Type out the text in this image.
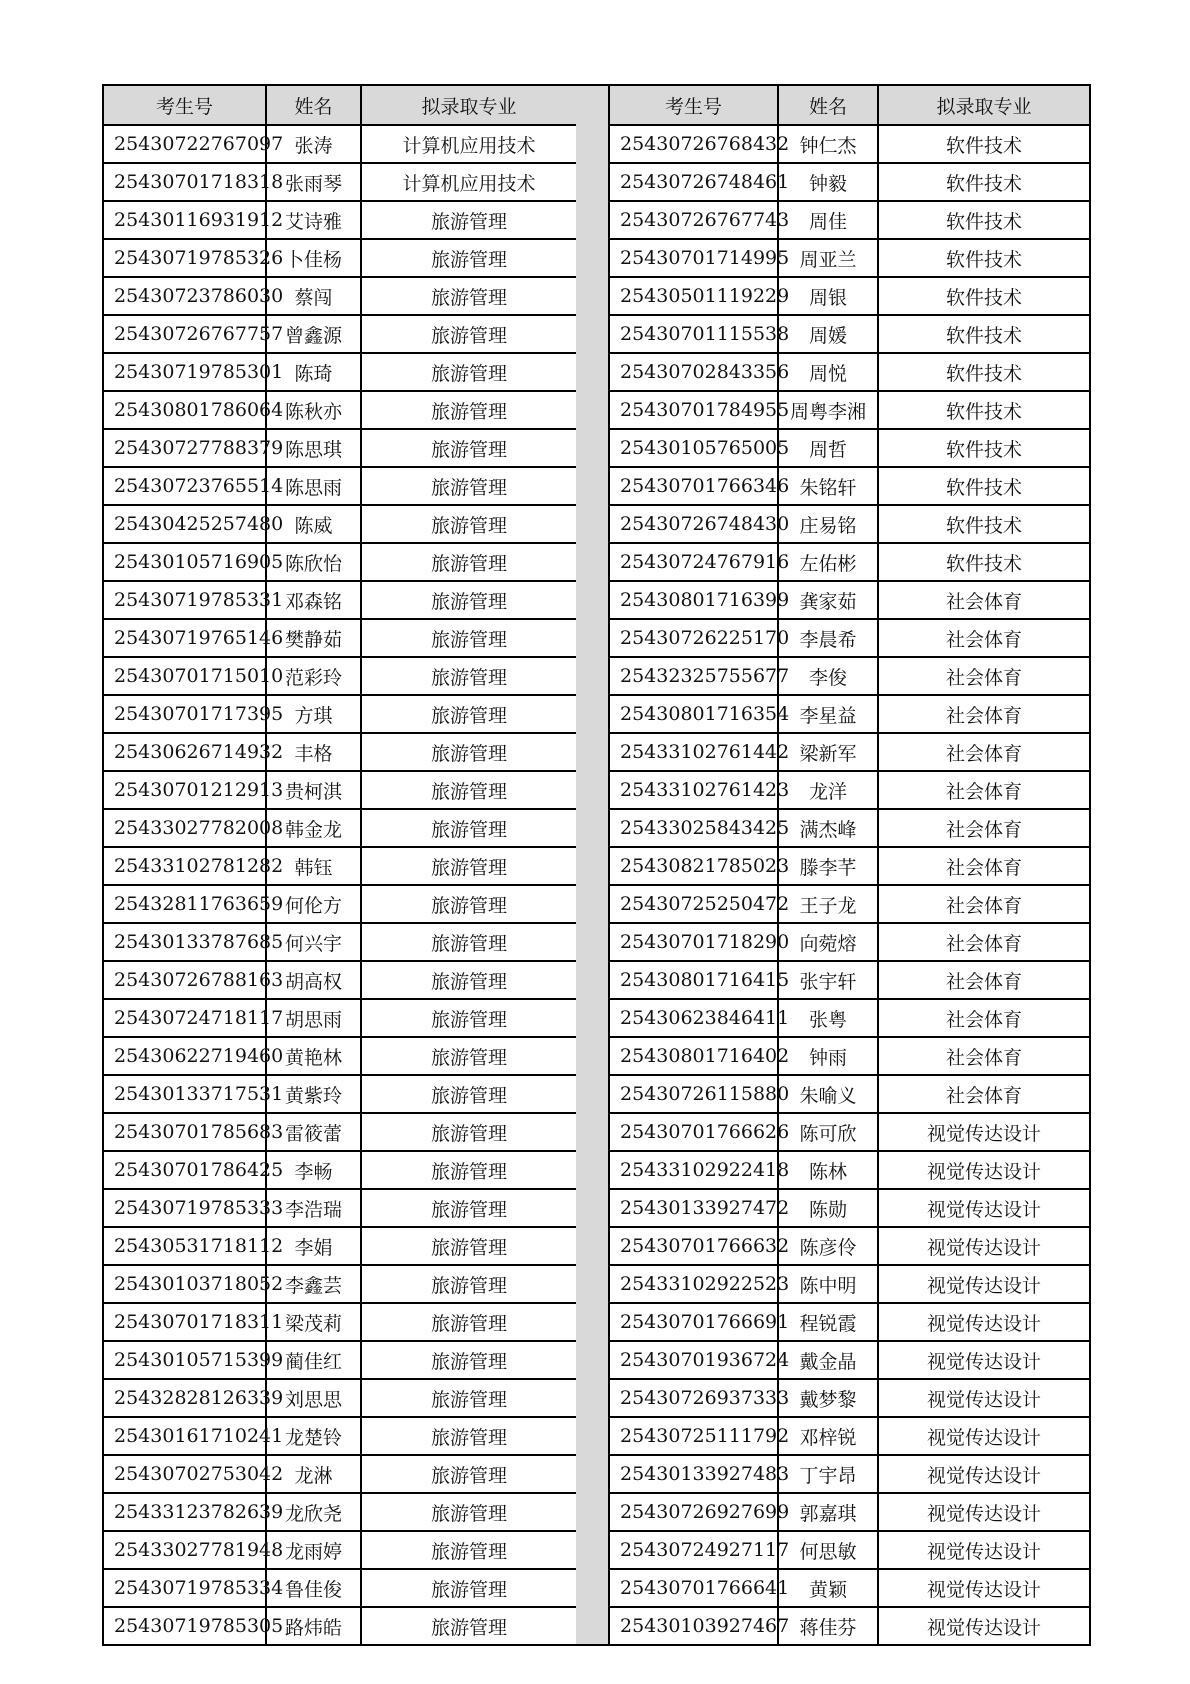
考生号	姓名	拟录取专业
25430722767097	张涛	计算机应用技术
25430701718318	张雨琴	计算机应用技术
25430116931912	艾诗雅	旅游管理
25430719785326	卜佳杨	旅游管理
25430723786030	蔡闯	旅游管理
25430726767757	曾鑫源	旅游管理
25430719785301	陈琦	旅游管理
25430801786064	陈秋亦	旅游管理
25430727788379	陈思琪	旅游管理
25430723765514	陈思雨	旅游管理
25430425257480	陈威	旅游管理
25430105716905	陈欣怡	旅游管理
25430719785331	邓森铭	旅游管理
25430719765146	樊静茹	旅游管理
25430701715010	范彩玲	旅游管理
25430701717395	方琪	旅游管理
25430626714932	丰格	旅游管理
25430701212913	贵柯淇	旅游管理
25433027782008	韩金龙	旅游管理
25433102781282	韩钰	旅游管理
25432811763659	何伦方	旅游管理
25430133787685	何兴宇	旅游管理
25430726788163	胡高权	旅游管理
25430724718117	胡思雨	旅游管理
25430622719460	黄艳林	旅游管理
25430133717531	黄紫玲	旅游管理
25430701785683	雷筱蕾	旅游管理
25430701786425	李畅	旅游管理
25430719785333	李浩瑞	旅游管理
25430531718112	李娟	旅游管理
25430103718052	李鑫芸	旅游管理
25430701718311	梁茂莉	旅游管理
25430105715399	蔺佳红	旅游管理
25432828126339	刘思思	旅游管理
25430161710241	龙楚铃	旅游管理
25430702753042	龙淋	旅游管理
25433123782639	龙欣尧	旅游管理
25433027781948	龙雨婷	旅游管理
25430719785334	鲁佳俊	旅游管理
25430719785305	路炜皓	旅游管理
考生号	姓名	拟录取专业
25430726768432	钟仁杰	软件技术
25430726748461	钟毅	软件技术
25430726767743	周佳	软件技术
25430701714995	周亚兰	软件技术
25430501119229	周银	软件技术
25430701115538	周媛	软件技术
25430702843356	周悦	软件技术
25430701784955	周粤李湘	软件技术
25430105765005	周哲	软件技术
25430701766346	朱铭轩	软件技术
25430726748430	庄易铭	软件技术
25430724767916	左佑彬	软件技术
25430801716399	龚家茹	社会体育
25430726225170	李晨希	社会体育
25432325755677	李俊	社会体育
25430801716354	李星益	社会体育
25433102761442	梁新军	社会体育
25433102761423	龙洋	社会体育
25433025843425	满杰峰	社会体育
25430821785023	滕李芊	社会体育
25430725250472	王子龙	社会体育
25430701718290	向菀熔	社会体育
25430801716415	张宇轩	社会体育
25430623846411	张粤	社会体育
25430801716402	钟雨	社会体育
25430726115880	朱喻义	社会体育
25430701766626	陈可欣	视觉传达设计
25433102922418	陈林	视觉传达设计
25430133927472	陈勋	视觉传达设计
25430701766632	陈彦伶	视觉传达设计
25433102922523	陈中明	视觉传达设计
25430701766691	程锐霞	视觉传达设计
25430701936724	戴金晶	视觉传达设计
25430726937333	戴梦黎	视觉传达设计
25430725111792	邓梓锐	视觉传达设计
25430133927483	丁宇昂	视觉传达设计
25430726927699	郭嘉琪	视觉传达设计
25430724927117	何思敏	视觉传达设计
25430701766641	黄颖	视觉传达设计
25430103927467	蒋佳芬	视觉传达设计
